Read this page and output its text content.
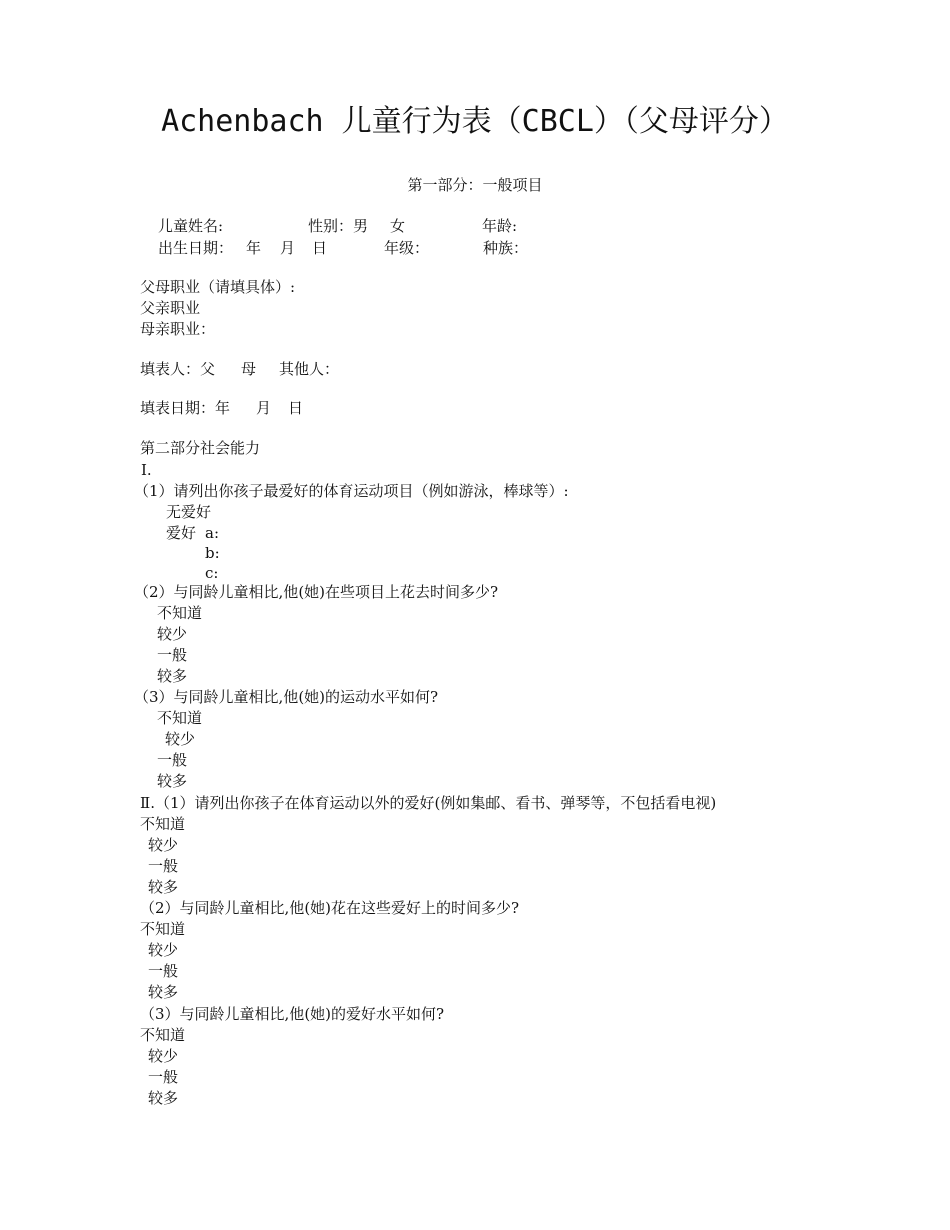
Achenbach 儿童行为表（CBCL）（父母评分）
第一部分：一般项目
儿童姓名:	性别：男 女	年龄:
出生日期： 年 月 日	年级：	种族：
父母职业（请填具体）:
父亲职业
母亲职业：
填表人：父 母 其他人：
填表日期：年 月 日
第二部分社会能力
Ⅰ.
（1）请列出你孩子最爱好的体育运动项目（例如游泳，棒球等）:
无爱好
爱好 a:
b:
c:
（2）与同龄儿童相比,他(她)在些项目上花去时间多少?
不知道
较少
一般
较多
（3）与同龄儿童相比,他(她)的运动水平如何?
不知道
较少
一般
较多
Ⅱ.（1）请列出你孩子在体育运动以外的爱好(例如集邮、看书、弹琴等，不包括看电视)
不知道
较少
一般
较多
（2）与同龄儿童相比,他(她)花在这些爱好上的时间多少?
不知道
较少
一般
较多
（3）与同龄儿童相比,他(她)的爱好水平如何?
不知道
较少
一般
较多
